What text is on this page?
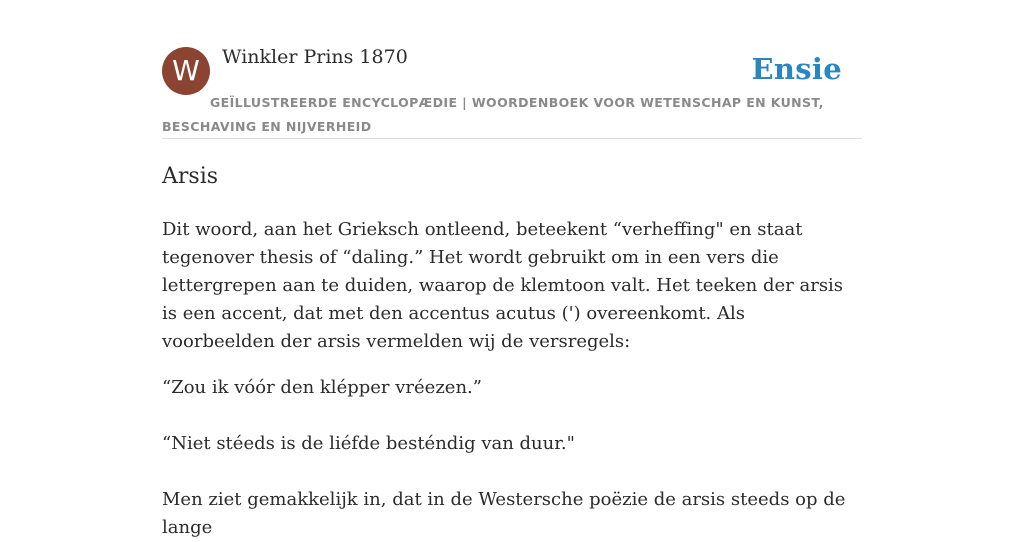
W	Winkler Prins 1870	Ensie
GEÏLLUSTREERDE ENCYCLOPÆDIE | WOORDENBOEK VOOR WETENSCHAP EN KUNST, BESCHAVING EN NIJVERHEID
Arsis

Dit woord, aan het Grieksch ontleend, beteekent “verheffing" en staat tegenover thesis of “daling.” Het wordt gebruikt om in een vers die lettergrepen aan te duiden, waarop de klemtoon valt. Het teeken der arsis is een accent, dat met den accentus acutus (') overeenkomt. Als voorbeelden der arsis vermelden wij de versregels:

“Zou ik vóór den klépper vréezen.”

“Niet stéeds is de liéfde besténdig van duur."

Men ziet gemakkelijk in, dat in de Westersche poëzie de arsis steeds op de lange
